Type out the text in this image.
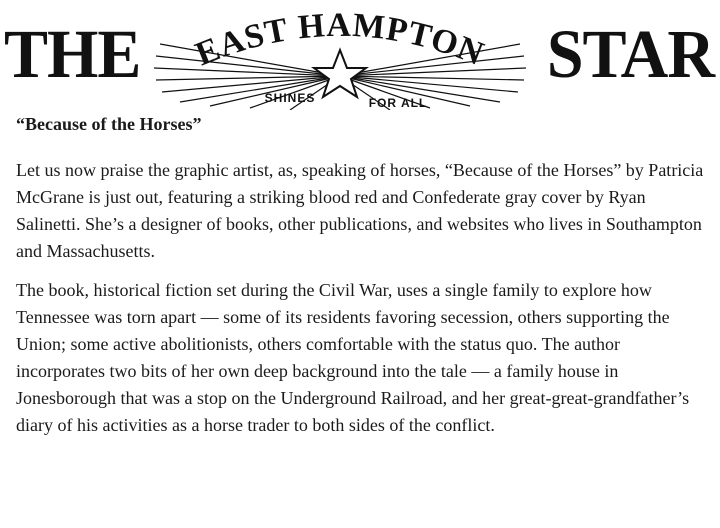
THE EAST HAMPTON
SHINES	FOR ALL
STAR

“Because of the Horses”

Let us now praise the graphic artist, as, speaking of horses, “Because of the Horses” by Patricia McGrane is just out, featuring a striking blood red and Confederate gray cover by Ryan Salinetti. She’s a designer of books, other publications, and websites who lives in Southampton and Massachusetts.

The book, historical fiction set during the Civil War, uses a single family to explore how Tennessee was torn apart — some of its residents favoring secession, others supporting the Union; some active abolitionists, others comfortable with the status quo. The author incorporates two bits of her own deep background into the tale — a family house in Jonesborough that was a stop on the Underground Railroad, and her great-great-grandfather’s diary of his activities as a horse trader to both sides of the conflict.
